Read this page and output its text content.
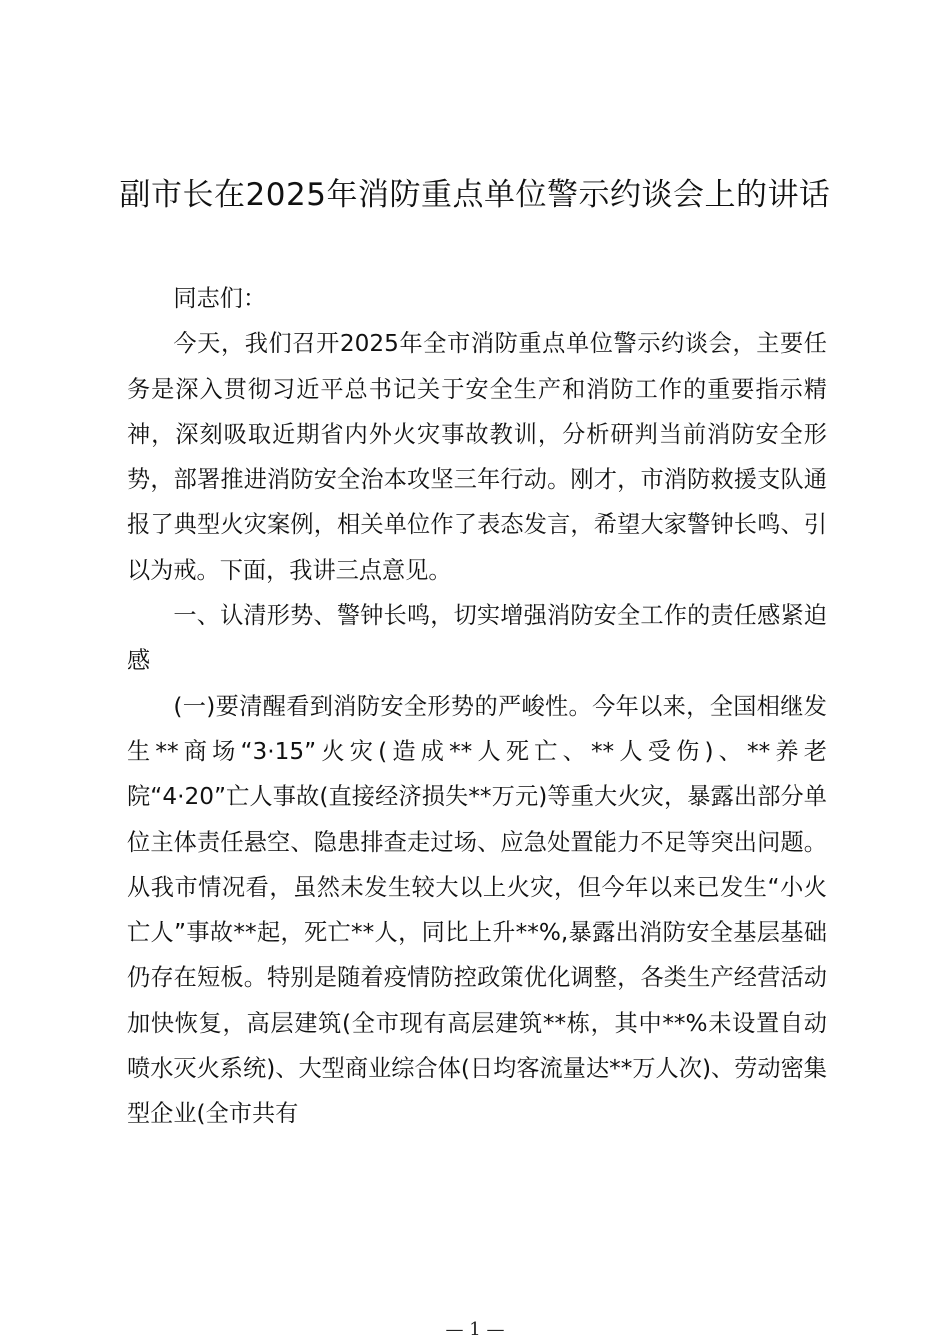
副市长在2025年消防重点单位警示约谈会上的讲话

同志们：

今天，我们召开2025年全市消防重点单位警示约谈会，主要任务是深入贯彻习近平总书记关于安全生产和消防工作的重要指示精神，深刻吸取近期省内外火灾事故教训，分析研判当前消防安全形势，部署推进消防安全治本攻坚三年行动。刚才，市消防救援支队通报了典型火灾案例，相关单位作了表态发言，希望大家警钟长鸣、引以为戒。下面，我讲三点意见。

一、认清形势、警钟长鸣，切实增强消防安全工作的责任感紧迫感

(一)要清醒看到消防安全形势的严峻性。今年以来，全国相继发生**商场“3·15”火灾(造成**人死亡、**人受伤)、**养老院“4·20”亡人事故(直接经济损失**万元)等重大火灾，暴露出部分单位主体责任悬空、隐患排查走过场、应急处置能力不足等突出问题。从我市情况看，虽然未发生较大以上火灾，但今年以来已发生“小火亡人”事故**起，死亡**人，同比上升**%,暴露出消防安全基层基础仍存在短板。特别是随着疫情防控政策优化调整，各类生产经营活动加快恢复，高层建筑(全市现有高层建筑**栋，其中**%未设置自动喷水灭火系统)、大型商业综合体(日均客流量达**万人次)、劳动密集型企业(全市共有

— 1 —
